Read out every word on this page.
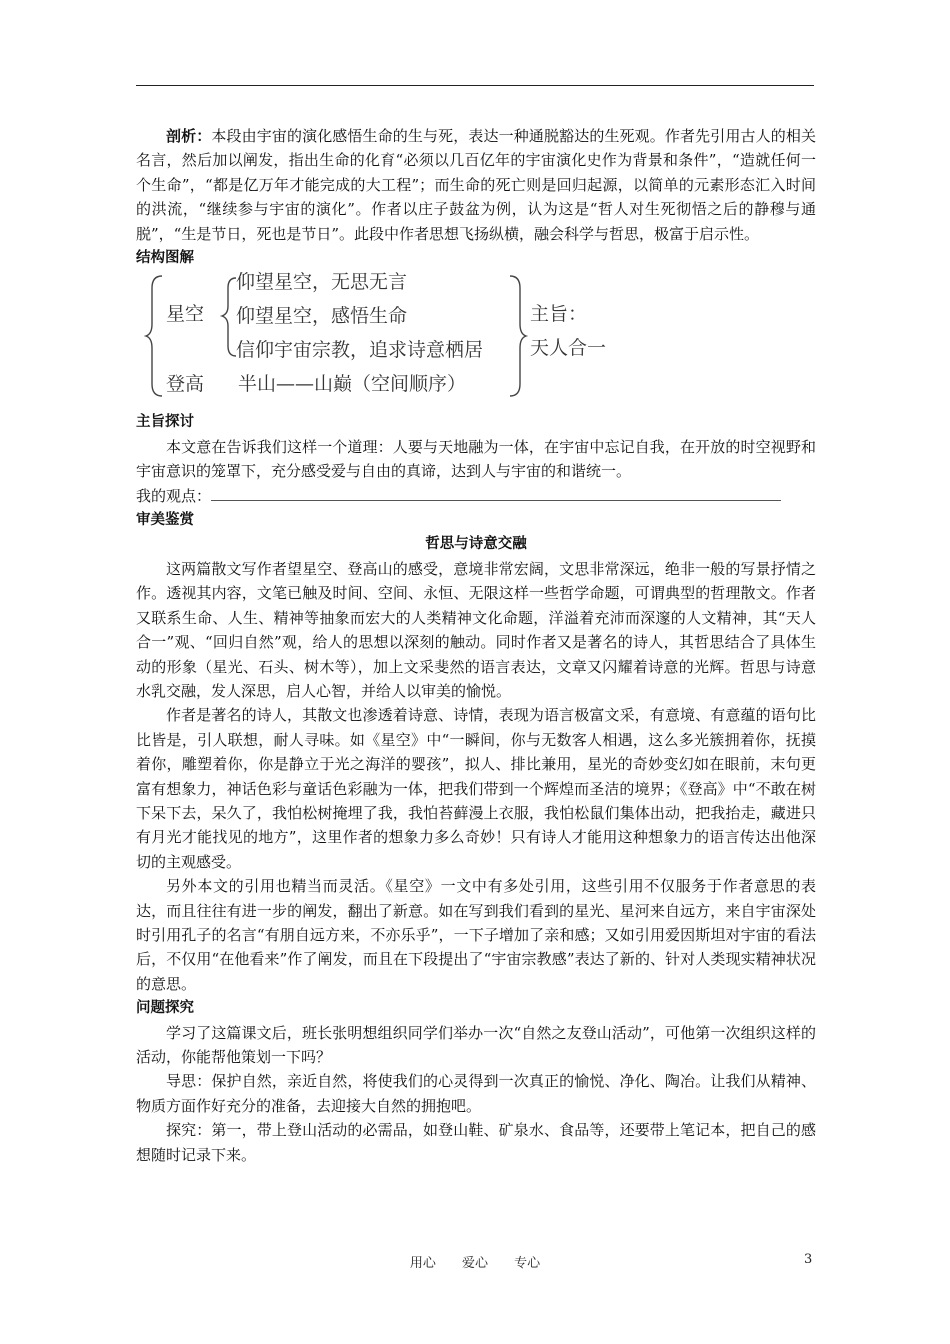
剖析：本段由宇宙的演化感悟生命的生与死，表达一种通脱豁达的生死观。作者先引用古人的相关名言，然后加以阐发，指出生命的化育“必须以几百亿年的宇宙演化史作为背景和条件”，“造就任何一个生命”，“都是亿万年才能完成的大工程”；而生命的死亡则是回归起源，以简单的元素形态汇入时间的洪流，“继续参与宇宙的演化”。作者以庄子鼓盆为例，认为这是“哲人对生死彻悟之后的静穆与通脱”，“生是节日，死也是节日”。此段中作者思想飞扬纵横，融会科学与哲思，极富于启示性。

结构图解

星空
仰望星空，无思无言
仰望星空，感悟生命
信仰宇宙宗教，追求诗意栖居
登高 半山——山巅（空间顺序）
主旨：
天人合一

主旨探讨

本文意在告诉我们这样一个道理：人要与天地融为一体，在宇宙中忘记自我，在开放的时空视野和宇宙意识的笼罩下，充分感受爱与自由的真谛，达到人与宇宙的和谐统一。

我的观点：

审美鉴赏

哲思与诗意交融

这两篇散文写作者望星空、登高山的感受，意境非常宏阔，文思非常深远，绝非一般的写景抒情之作。透视其内容，文笔已触及时间、空间、永恒、无限这样一些哲学命题，可谓典型的哲理散文。作者又联系生命、人生、精神等抽象而宏大的人类精神文化命题，洋溢着充沛而深邃的人文精神，其“天人合一”观、“回归自然”观，给人的思想以深刻的触动。同时作者又是著名的诗人，其哲思结合了具体生动的形象（星光、石头、树木等），加上文采斐然的语言表达，文章又闪耀着诗意的光辉。哲思与诗意水乳交融，发人深思，启人心智，并给人以审美的愉悦。

作者是著名的诗人，其散文也渗透着诗意、诗情，表现为语言极富文采，有意境、有意蕴的语句比比皆是，引人联想，耐人寻味。如《星空》中“一瞬间，你与无数客人相遇，这么多光簇拥着你，抚摸着你，雕塑着你，你是静立于光之海洋的婴孩”，拟人、排比兼用，星光的奇妙变幻如在眼前，末句更富有想象力，神话色彩与童话色彩融为一体，把我们带到一个辉煌而圣洁的境界；《登高》中“不敢在树下呆下去，呆久了，我怕松树掩埋了我，我怕苔藓漫上衣服，我怕松鼠们集体出动，把我抬走，藏进只有月光才能找见的地方”，这里作者的想象力多么奇妙！只有诗人才能用这种想象力的语言传达出他深切的主观感受。

另外本文的引用也精当而灵活。《星空》一文中有多处引用，这些引用不仅服务于作者意思的表达，而且往往有进一步的阐发，翻出了新意。如在写到我们看到的星光、星河来自远方，来自宇宙深处时引用孔子的名言“有朋自远方来，不亦乐乎”，一下子增加了亲和感；又如引用爱因斯坦对宇宙的看法后，不仅用“在他看来”作了阐发，而且在下段提出了“宇宙宗教感”表达了新的、针对人类现实精神状况的意思。

问题探究

学习了这篇课文后，班长张明想组织同学们举办一次“自然之友登山活动”，可他第一次组织这样的活动，你能帮他策划一下吗？

导思：保护自然，亲近自然，将使我们的心灵得到一次真正的愉悦、净化、陶冶。让我们从精神、物质方面作好充分的准备，去迎接大自然的拥抱吧。

探究：第一，带上登山活动的必需品，如登山鞋、矿泉水、食品等，还要带上笔记本，把自己的感想随时记录下来。

用心 爱心 专心	3
